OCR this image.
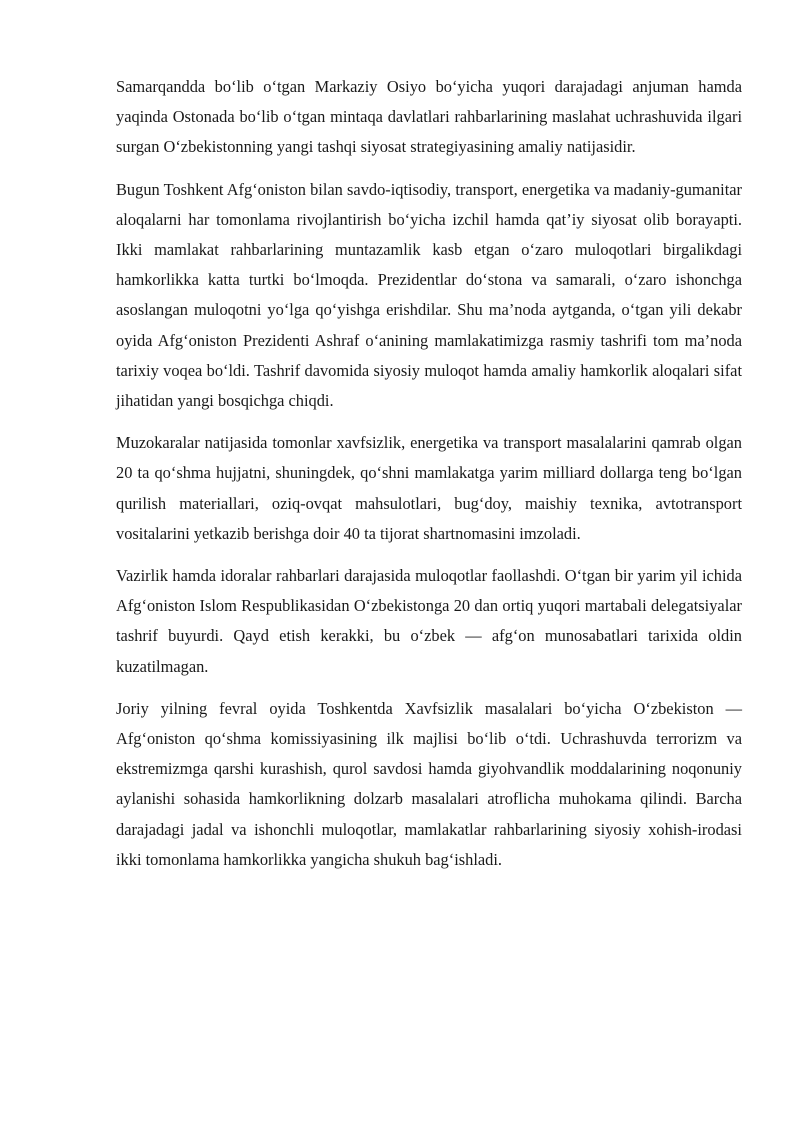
Samarqandda bo‘lib o‘tgan Markaziy Osiyo bo‘yicha yuqori darajadagi anjuman hamda yaqinda Ostonada bo‘lib o‘tgan mintaqa davlatlari rahbarlarining maslahat uchrashuvida ilgari surgan O‘zbekistonning yangi tashqi siyosat strategiyasining amaliy natijasidir.

Bugun Toshkent Afg‘oniston bilan savdo-iqtisodiy, transport, energetika va madaniy-gumanitar aloqalarni har tomonlama rivojlantirish bo‘yicha izchil hamda qat’iy siyosat olib borayapti. Ikki mamlakat rahbarlarining muntazamlik kasb etgan o‘zaro muloqotlari birgalikdagi hamkorlikka katta turtki bo‘lmoqda. Prezidentlar do‘stona va samarali, o‘zaro ishonchga asoslangan muloqotni yo‘lga qo‘yishga erishdilar. Shu ma’noda aytganda, o‘tgan yili dekabr oyida Afg‘oniston Prezidenti Ashraf o‘anining mamlakatimizga rasmiy tashrifi tom ma’noda tarixiy voqea bo‘ldi. Tashrif davomida siyosiy muloqot hamda amaliy hamkorlik aloqalari sifat jihatidan yangi bosqichga chiqdi.

Muzokaralar natijasida tomonlar xavfsizlik, energetika va transport masalalarini qamrab olgan 20 ta qo‘shma hujjatni, shuningdek, qo‘shni mamlakatga yarim milliard dollarga teng bo‘lgan qurilish materiallari, oziq-ovqat mahsulotlari, bug‘doy, maishiy texnika, avtotransport vositalarini yetkazib berishga doir 40 ta tijorat shartnomasini imzoladi.

Vazirlik hamda idoralar rahbarlari darajasida muloqotlar faollashdi. O‘tgan bir yarim yil ichida Afg‘oniston Islom Respublikasidan O‘zbekistonga 20 dan ortiq yuqori martabali delegatsiyalar tashrif buyurdi. Qayd etish kerakki, bu o‘zbek — afg‘on munosabatlari tarixida oldin kuzatilmagan.

Joriy yilning fevral oyida Toshkentda Xavfsizlik masalalari bo‘yicha O‘zbekiston — Afg‘oniston qo‘shma komissiyasining ilk majlisi bo‘lib o‘tdi. Uchrashuvda terrorizm va ekstremizmga qarshi kurashish, qurol savdosi hamda giyohvandlik moddalarining noqonuniy aylanishi sohasida hamkorlikning dolzarb masalalari atroflicha muhokama qilindi. Barcha darajadagi jadal va ishonchli muloqotlar, mamlakatlar rahbarlarining siyosiy xohish-irodasi ikki tomonlama hamkorlikka yangicha shukuh bag‘ishladi.
